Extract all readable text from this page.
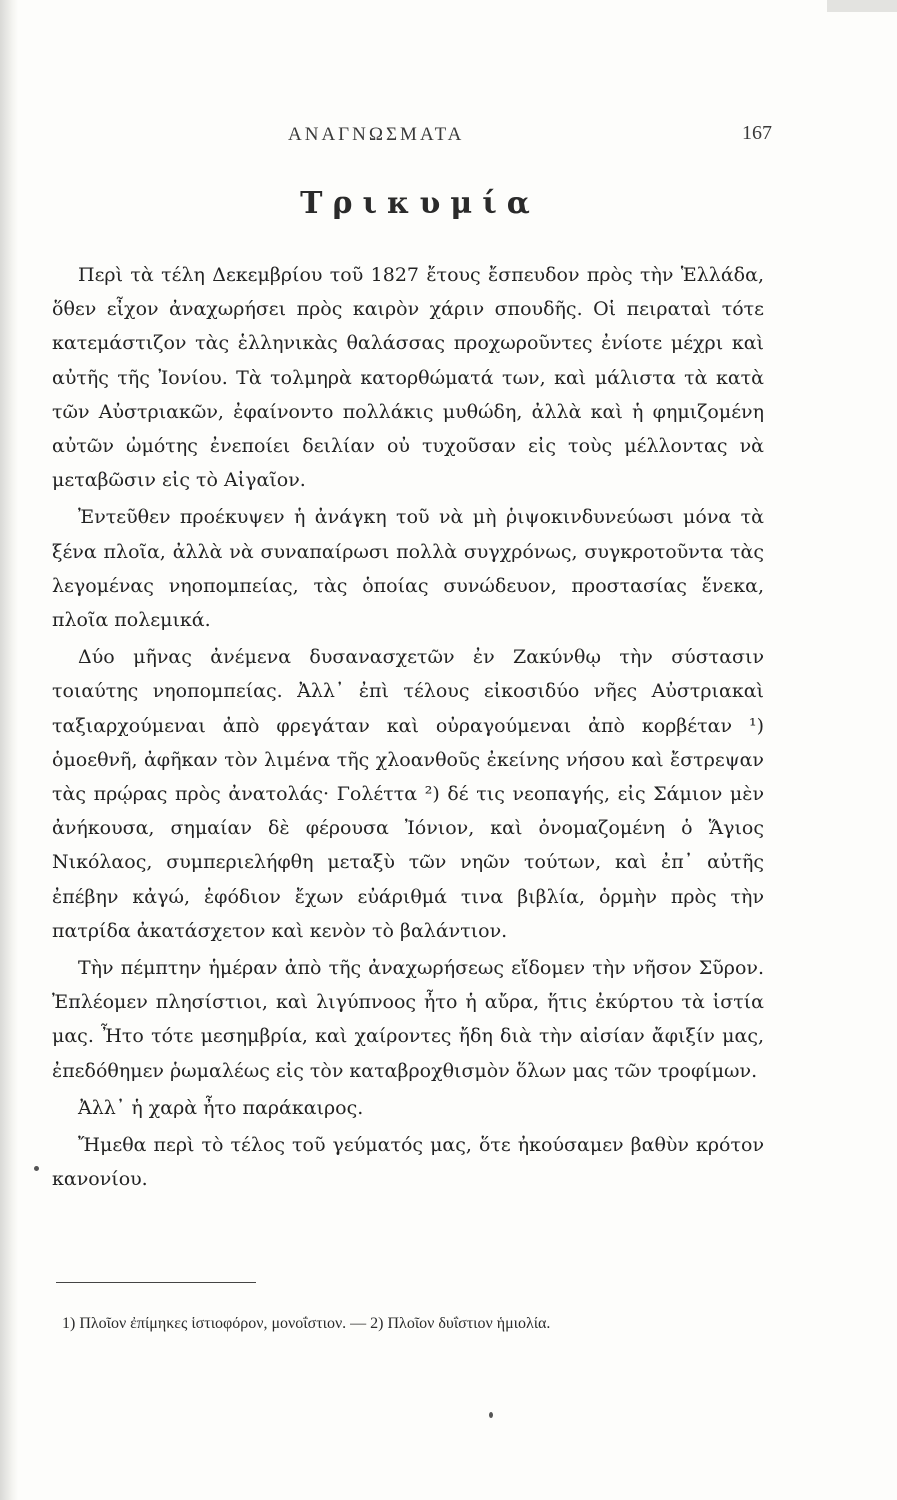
ΑΝΑΓΝΩΣΜΑΤΑ	167
Τρικυμία

Περὶ τὰ τέλη Δεκεμβρίου τοῦ 1827 ἔτους ἔσπευδον πρὸς τὴν Ἑλλάδα, ὅθεν εἶχον ἀναχωρήσει πρὸς καιρὸν χάριν σπουδῆς. Οἱ πειραταὶ τότε κατεμάστιζον τὰς ἑλληνικὰς θαλάσσας προχωροῦντες ἐνίοτε μέχρι καὶ αὐτῆς τῆς Ἰονίου. Τὰ τολμηρὰ κατορθώματά των, καὶ μάλιστα τὰ κατὰ τῶν Αὐστριακῶν, ἐφαίνοντο πολλάκις μυθώδη, ἀλλὰ καὶ ἡ φημιζομένη αὐτῶν ὠμότης ἐνεποίει δειλίαν οὐ τυχοῦσαν εἰς τοὺς μέλλοντας νὰ μεταβῶσιν εἰς τὸ Αἰγαῖον.

Ἐντεῦθεν προέκυψεν ἡ ἀνάγκη τοῦ νὰ μὴ ῥιψοκινδυνεύωσι μόνα τὰ ξένα πλοῖα, ἀλλὰ νὰ συναπαίρωσι πολλὰ συγχρόνως, συγκροτοῦντα τὰς λεγομένας νηοπομπείας, τὰς ὁποίας συνώδευον, προστασίας ἕνεκα, πλοῖα πολεμικά.

Δύο μῆνας ἀνέμενα δυσανασχετῶν ἐν Ζακύνθῳ τὴν σύστασιν τοιαύτης νηοπομπείας. Ἀλλ᾽ ἐπὶ τέλους εἰκοσιδύο νῆες Αὐστριακαὶ ταξιαρχούμεναι ἀπὸ φρεγάταν καὶ οὐραγούμεναι ἀπὸ κορβέταν ¹) ὁμοεθνῆ, ἀφῆκαν τὸν λιμένα τῆς χλοανθοῦς ἐκείνης νήσου καὶ ἔστρεψαν τὰς πρῴρας πρὸς ἀνατολάς· Γολέττα ²) δέ τις νεοπαγής, εἰς Σάμιον μὲν ἀνήκουσα, σημαίαν δὲ φέρουσα Ἰόνιον, καὶ ὀνομαζομένη ὁ Ἅγιος Νικόλαος, συμπεριελήφθη μεταξὺ τῶν νηῶν τούτων, καὶ ἐπ᾽ αὐτῆς ἐπέβην κἀγώ, ἐφόδιον ἔχων εὐάριθμά τινα βιβλία, ὁρμὴν πρὸς τὴν πατρίδα ἀκατάσχετον καὶ κενὸν τὸ βαλάντιον.

Τὴν πέμπτην ἡμέραν ἀπὸ τῆς ἀναχωρήσεως εἴδομεν τὴν νῆσον Σῦρον. Ἐπλέομεν πλησίστιοι, καὶ λιγύπνοος ἦτο ἡ αὔρα, ἥτις ἐκύρτου τὰ ἱστία μας. Ἦτο τότε μεσημβρία, καὶ χαίροντες ἤδη διὰ τὴν αἰσίαν ἄφιξίν μας, ἐπεδόθημεν ῥωμαλέως εἰς τὸν καταβροχθισμὸν ὅλων μας τῶν τροφίμων.

Ἀλλ᾽ ἡ χαρὰ ἦτο παράκαιρος.

Ἤμεθα περὶ τὸ τέλος τοῦ γεύματός μας, ὅτε ἠκούσαμεν βαθὺν κρότον κανονίου.

1) Πλοῖον ἐπίμηκες ἱστιοφόρον, μονοΐστιον. — 2) Πλοῖον δυΐστιον ἡμιολία.
